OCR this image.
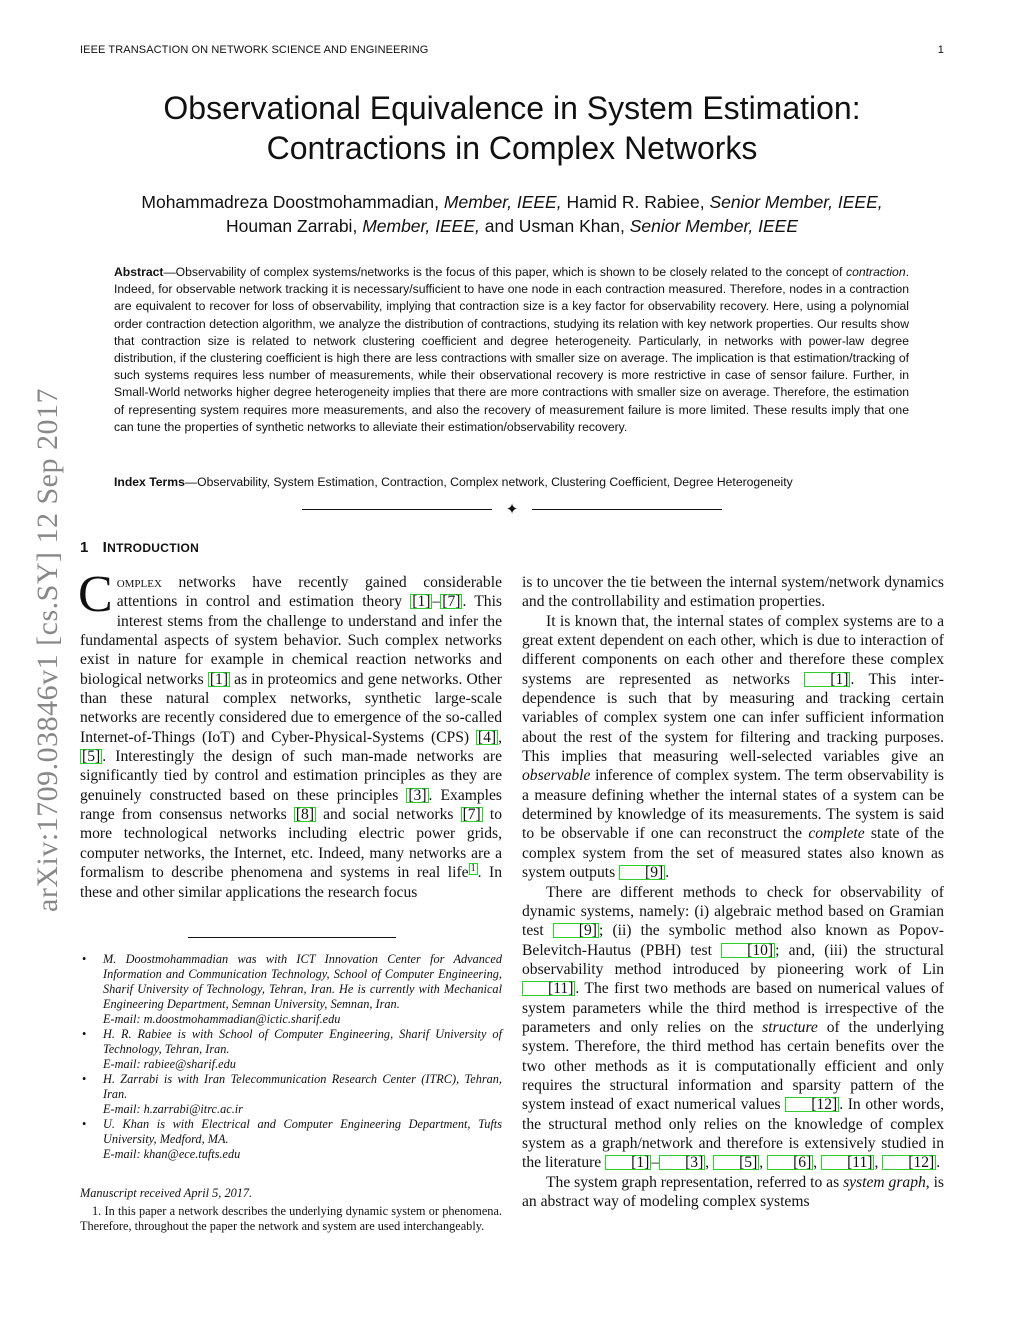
IEEE TRANSACTION ON NETWORK SCIENCE AND ENGINEERING	1
arXiv:1709.03846v1 [cs.SY] 12 Sep 2017
Observational Equivalence in System Estimation:
Contractions in Complex Networks
Mohammadreza Doostmohammadian, Member, IEEE, Hamid R. Rabiee, Senior Member, IEEE,
Houman Zarrabi, Member, IEEE, and Usman Khan, Senior Member, IEEE
Abstract—Observability of complex systems/networks is the focus of this paper, which is shown to be closely related to the concept of contraction. Indeed, for observable network tracking it is necessary/sufficient to have one node in each contraction measured. Therefore, nodes in a contraction are equivalent to recover for loss of observability, implying that contraction size is a key factor for observability recovery. Here, using a polynomial order contraction detection algorithm, we analyze the distribution of contractions, studying its relation with key network properties. Our results show that contraction size is related to network clustering coefficient and degree heterogeneity. Particularly, in networks with power-law degree distribution, if the clustering coefficient is high there are less contractions with smaller size on average. The implication is that estimation/tracking of such systems requires less number of measurements, while their observational recovery is more restrictive in case of sensor failure. Further, in Small-World networks higher degree heterogeneity implies that there are more contractions with smaller size on average. Therefore, the estimation of representing system requires more measurements, and also the recovery of measurement failure is more limited. These results imply that one can tune the properties of synthetic networks to alleviate their estimation/observability recovery.
Index Terms—Observability, System Estimation, Contraction, Complex network, Clustering Coefficient, Degree Heterogeneity
✦
1 INTRODUCTION

Complex networks have recently gained considerable attentions in control and estimation theory [1] – [7] . This interest stems from the challenge to understand and infer the fundamental aspects of system behavior. Such complex networks exist in nature for example in chemical reaction networks and biological networks [1] as in proteomics and gene networks. Other than these natural complex networks, synthetic large-scale networks are recently considered due to emergence of the so-called Internet-of-Things (IoT) and Cyber-Physical-Systems (CPS) [4] , [5] . Interestingly the design of such man-made networks are significantly tied by control and estimation principles as they are genuinely constructed based on these principles [3] . Examples range from consensus networks [8] and social networks [7] to more technological networks including electric power grids, computer networks, the Internet, etc. Indeed, many networks are a formalism to describe phenomena and systems in real life $^1$ . In these and other similar applications the research focus

is to uncover the tie between the internal system/network dynamics and the controllability and estimation properties.

It is known that, the internal states of complex systems are to a great extent dependent on each other, which is due to interaction of different components on each other and therefore these complex systems are represented as networks [1] . This inter-dependence is such that by measuring and tracking certain variables of complex system one can infer sufficient information about the rest of the system for filtering and tracking purposes. This implies that measuring well-selected variables give an observable inference of complex system. The term observability is a measure defining whether the internal states of a system can be determined by knowledge of its measurements. The system is said to be observable if one can reconstruct the complete state of the complex system from the set of measured states also known as system outputs [9] .

There are different methods to check for observability of dynamic systems, namely: (i) algebraic method based on Gramian test [9] ; (ii) the symbolic method also known as Popov-Belevitch-Hautus (PBH) test [10] ; and, (iii) the structural observability method introduced by pioneering work of Lin [11] . The first two methods are based on numerical values of system parameters while the third method is irrespective of the parameters and only relies on the structure of the underlying system. Therefore, the third method has certain benefits over the two other methods as it is computationally efficient and only requires the structural information and sparsity pattern of the system instead of exact numerical values [12] . In other words, the structural method only relies on the knowledge of complex system as a graph/network and therefore is extensively studied in the literature [1] – [3] , [5] , [6] , [11] , [12] .

The system graph representation, referred to as system graph, is an abstract way of modeling complex systems

• M. Doostmohammadian was with ICT Innovation Center for Advanced Information and Communication Technology, School of Computer Engineering, Sharif University of Technology, Tehran, Iran. He is currently with Mechanical Engineering Department, Semnan University, Semnan, Iran.
E-mail: m.doostmohammadian@ictic.sharif.edu
• H. R. Rabiee is with School of Computer Engineering, Sharif University of Technology, Tehran, Iran.
E-mail: rabiee@sharif.edu
• H. Zarrabi is with Iran Telecommunication Research Center (ITRC), Tehran, Iran.
E-mail: h.zarrabi@itrc.ac.ir
• U. Khan is with Electrical and Computer Engineering Department, Tufts University, Medford, MA.
E-mail: khan@ece.tufts.edu
Manuscript received April 5, 2017.
1. In this paper a network describes the underlying dynamic system or phenomena. Therefore, throughout the paper the network and system are used interchangeably.
